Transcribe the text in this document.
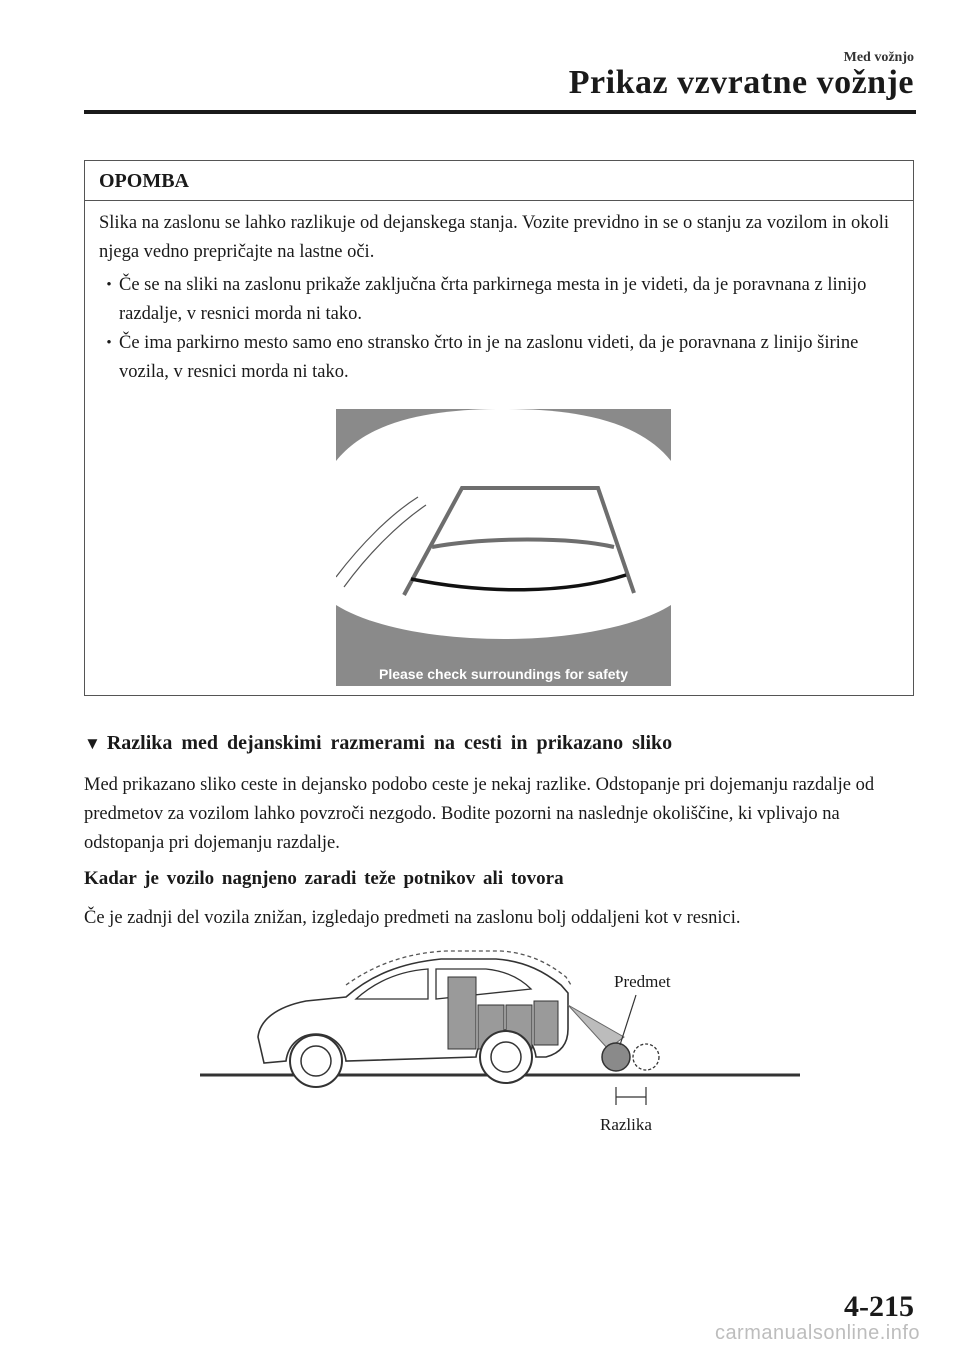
Med vožnjo
Prikaz vzvratne vožnje
OPOMBA

Slika na zaslonu se lahko razlikuje od dejanskega stanja. Vozite previdno in se o stanju za vozilom in okoli njega vedno prepričajte na lastne oči.

• Če se na sliki na zaslonu prikaže zaključna črta parkirnega mesta in je videti, da je poravnana z linijo razdalje, v resnici morda ni tako.
• Če ima parkirno mesto samo eno stransko črto in je na zaslonu videti, da je poravnana z linijo širine vozila, v resnici morda ni tako.
Please check surroundings for safety
▼ Razlika med dejanskimi razmerami na cesti in prikazano sliko

Med prikazano sliko ceste in dejansko podobo ceste je nekaj razlike. Odstopanje pri dojemanju razdalje od predmetov za vozilom lahko povzroči nezgodo. Bodite pozorni na naslednje okoliščine, ki vplivajo na odstopanja pri dojemanju razdalje.

Kadar je vozilo nagnjeno zaradi teže potnikov ali tovora

Če je zadnji del vozila znižan, izgledajo predmeti na zaslonu bolj oddaljeni kot v resnici.

Predmet
Razlika
4-215
carmanualsonline.info
